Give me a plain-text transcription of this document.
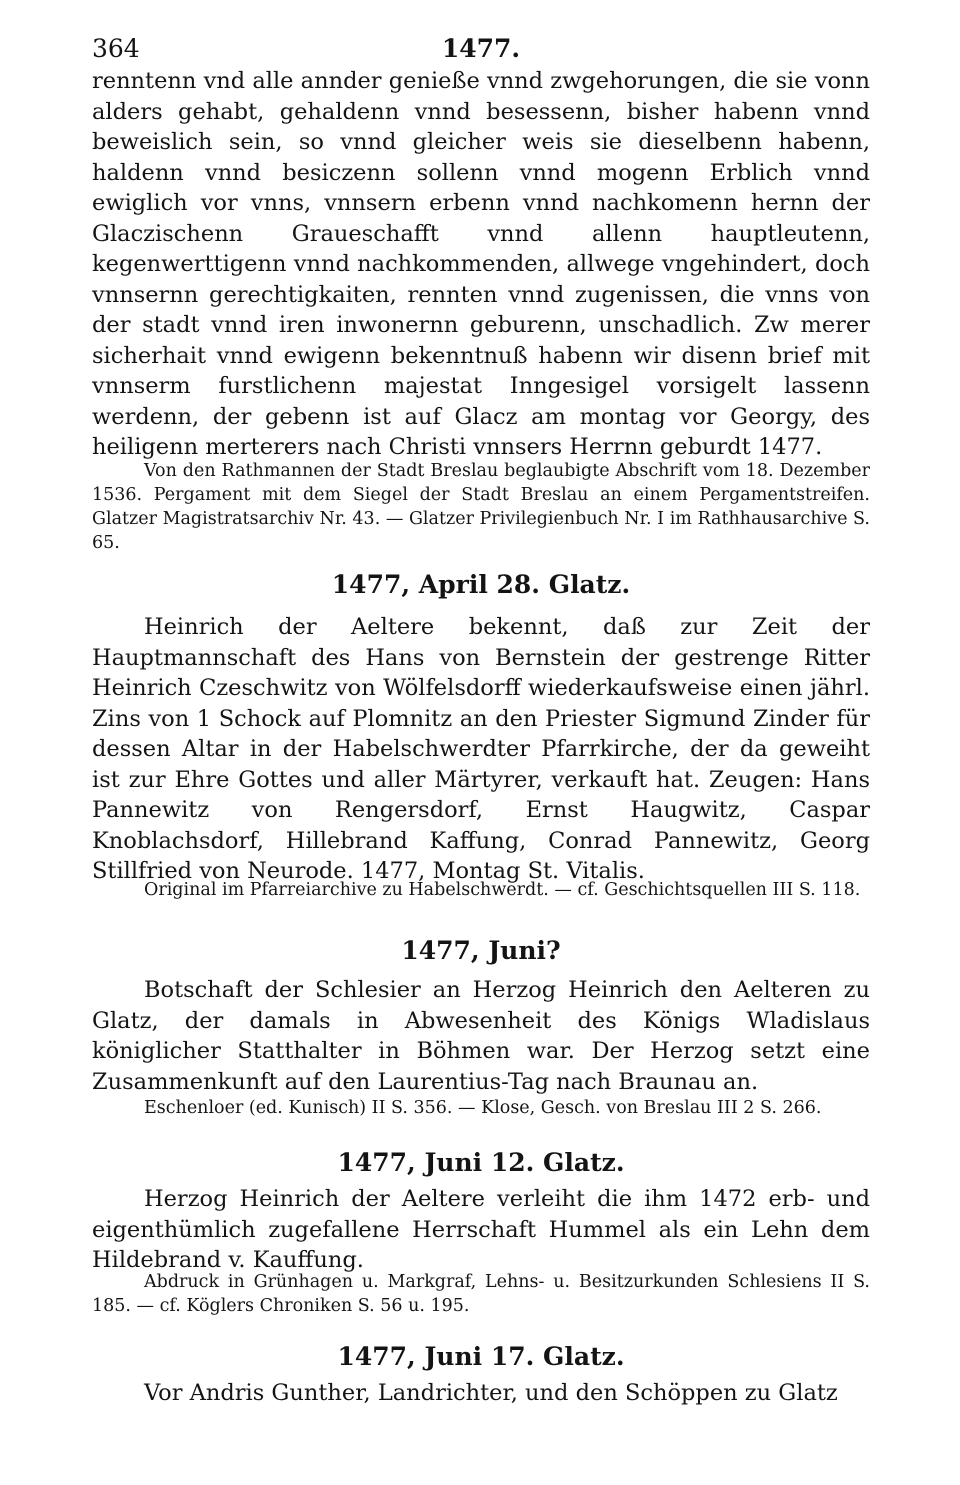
364	1477.

renntenn vnd alle annder genieße vnnd zwgehorungen, die sie vonn alders gehabt, gehaldenn vnnd besessenn, bisher habenn vnnd beweislich sein, so vnnd gleicher weis sie dieselbenn habenn, haldenn vnnd besiczenn sollenn vnnd mogenn Erblich vnnd ewiglich vor vnns, vnnsern erbenn vnnd nachkomenn hernn der Glaczischenn Graueschafft vnnd allenn hauptleutenn, kegenwerttigenn vnnd nachkommenden, allwege vngehindert, doch vnnsernn gerechtigkaiten, rennten vnnd zugenissen, die vnns von der stadt vnnd iren inwonernn geburenn, unschadlich. Zw merer sicherhait vnnd ewigenn bekenntnuß habenn wir disenn brief mit vnnserm furstlichenn majestat Inngesigel vorsigelt lassenn werdenn, der gebenn ist auf Glacz am montag vor Georgy, des heiligenn merterers nach Christi vnnsers Herrnn geburdt 1477.

Von den Rathmannen der Stadt Breslau beglaubigte Abschrift vom 18. Dezember 1536. Pergament mit dem Siegel der Stadt Breslau an einem Pergamentstreifen. Glatzer Magistratsarchiv Nr. 43. — Glatzer Privilegienbuch Nr. I im Rathhausarchive S. 65.

1477, April 28. Glatz.

Heinrich der Aeltere bekennt, daß zur Zeit der Hauptmannschaft des Hans von Bernstein der gestrenge Ritter Heinrich Czeschwitz von Wölfelsdorff wiederkaufsweise einen jährl. Zins von 1 Schock auf Plomnitz an den Priester Sigmund Zinder für dessen Altar in der Habelschwerdter Pfarrkirche, der da geweiht ist zur Ehre Gottes und aller Märtyrer, verkauft hat. Zeugen: Hans Pannewitz von Rengersdorf, Ernst Haugwitz, Caspar Knoblachsdorf, Hillebrand Kaffung, Conrad Pannewitz, Georg Stillfried von Neurode. 1477, Montag St. Vitalis.

Original im Pfarreiarchive zu Habelschwerdt. — cf. Geschichtsquellen III S. 118.

1477, Juni?

Botschaft der Schlesier an Herzog Heinrich den Aelteren zu Glatz, der damals in Abwesenheit des Königs Wladislaus königlicher Statthalter in Böhmen war. Der Herzog setzt eine Zusammenkunft auf den Laurentius-Tag nach Braunau an.

Eschenloer (ed. Kunisch) II S. 356. — Klose, Gesch. von Breslau III 2 S. 266.

1477, Juni 12. Glatz.

Herzog Heinrich der Aeltere verleiht die ihm 1472 erb- und eigenthümlich zugefallene Herrschaft Hummel als ein Lehn dem Hildebrand v. Kauffung.

Abdruck in Grünhagen u. Markgraf, Lehns- u. Besitzurkunden Schlesiens II S. 185. — cf. Köglers Chroniken S. 56 u. 195.

1477, Juni 17. Glatz.

Vor Andris Gunther, Landrichter, und den Schöppen zu Glatz
